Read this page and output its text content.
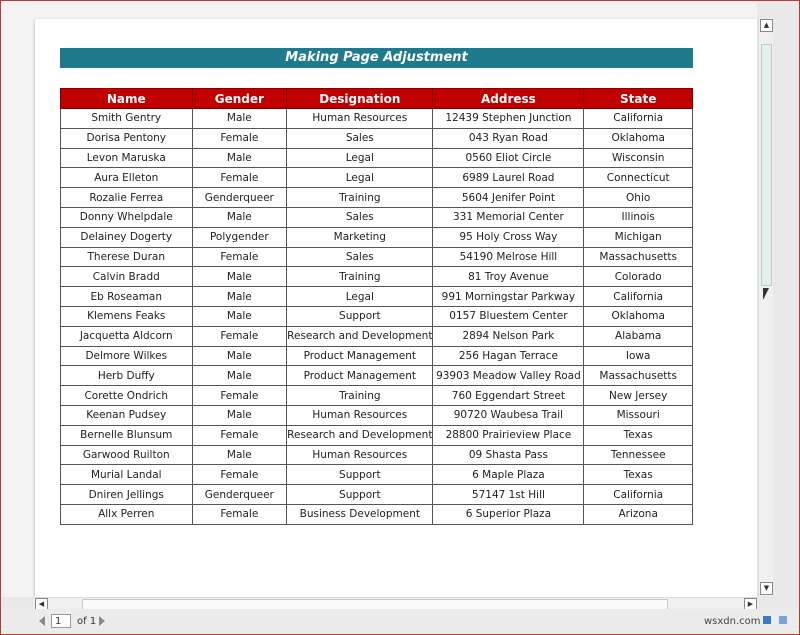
Making Page Adjustment
Name	Gender	Designation	Address	State
Smith Gentry	Male	Human Resources	12439 Stephen Junction	California
Dorisa Pentony	Female	Sales	043 Ryan Road	Oklahoma
Levon Maruska	Male	Legal	0560 Eliot Circle	Wisconsin
Aura Elleton	Female	Legal	6989 Laurel Road	Connecticut
Rozalie Ferrea	Genderqueer	Training	5604 Jenifer Point	Ohio
Donny Whelpdale	Male	Sales	331 Memorial Center	Illinois
Delainey Dogerty	Polygender	Marketing	95 Holy Cross Way	Michigan
Therese Duran	Female	Sales	54190 Melrose Hill	Massachusetts
Calvin Bradd	Male	Training	81 Troy Avenue	Colorado
Eb Roseaman	Male	Legal	991 Morningstar Parkway	California
Klemens Feaks	Male	Support	0157 Bluestem Center	Oklahoma
Jacquetta Aldcorn	Female	Research and Development	2894 Nelson Park	Alabama
Delmore Wilkes	Male	Product Management	256 Hagan Terrace	Iowa
Herb Duffy	Male	Product Management	93903 Meadow Valley Road	Massachusetts
Corette Ondrich	Female	Training	760 Eggendart Street	New Jersey
Keenan Pudsey	Male	Human Resources	90720 Waubesa Trail	Missouri
Bernelle Blunsum	Female	Research and Development	28800 Prairieview Place	Texas
Garwood Ruilton	Male	Human Resources	09 Shasta Pass	Tennessee
Murial Landal	Female	Support	6 Maple Plaza	Texas
Dniren Jellings	Genderqueer	Support	57147 1st Hill	California
Allx Perren	Female	Business Development	6 Superior Plaza	Arizona
▲
▼
◀	▶
1	of 1	wsxdn.com
